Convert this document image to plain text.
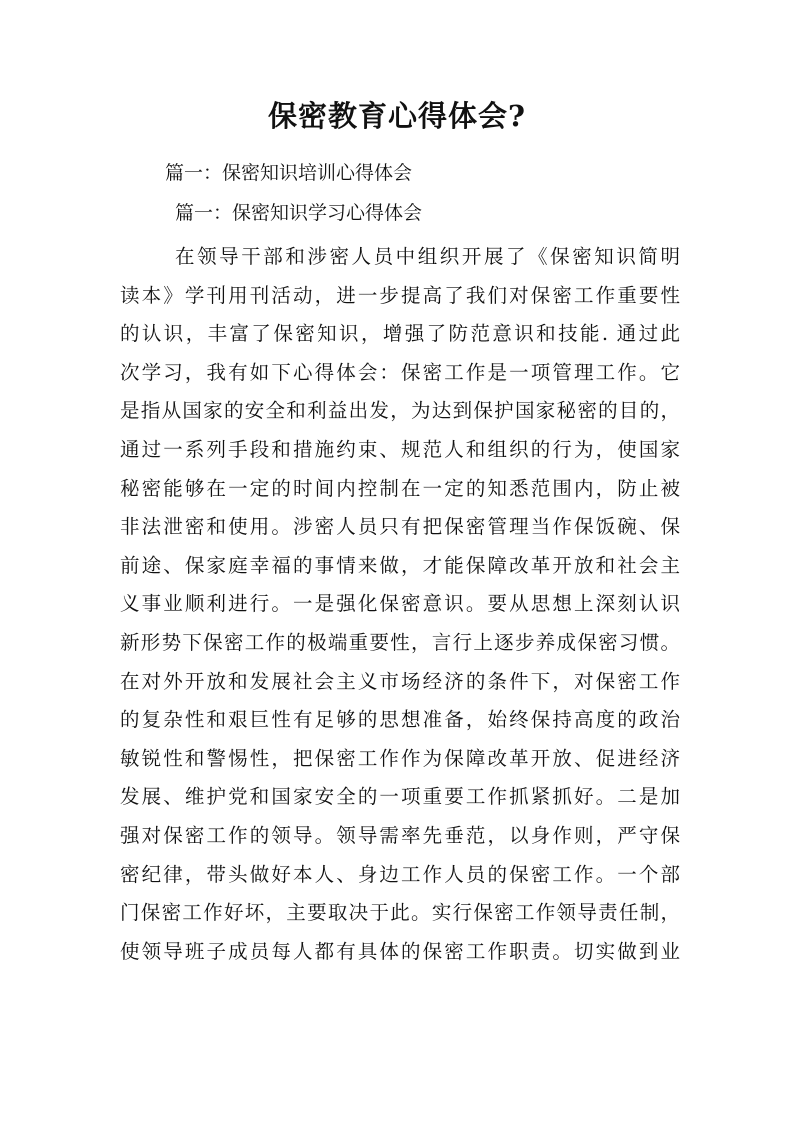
保密教育心得体会?
篇一：保密知识培训心得体会
篇一：保密知识学习心得体会
在领导干部和涉密人员中组织开展了《保密知识简明
读本》学刊用刊活动，进一步提高了我们对保密工作重要性
的认识，丰富了保密知识，增强了防范意识和技能. 通过此
次学习，我有如下心得体会：保密工作是一项管理工作。它
是指从国家的安全和利益出发，为达到保护国家秘密的目的，
通过一系列手段和措施约束、规范人和组织的行为，使国家
秘密能够在一定的时间内控制在一定的知悉范围内，防止被
非法泄密和使用。涉密人员只有把保密管理当作保饭碗、保
前途、保家庭幸福的事情来做，才能保障改革开放和社会主
义事业顺利进行。一是强化保密意识。要从思想上深刻认识
新形势下保密工作的极端重要性，言行上逐步养成保密习惯。
在对外开放和发展社会主义市场经济的条件下，对保密工作
的复杂性和艰巨性有足够的思想准备，始终保持高度的政治
敏锐性和警惕性，把保密工作作为保障改革开放、促进经济
发展、维护党和国家安全的一项重要工作抓紧抓好。二是加
强对保密工作的领导。领导需率先垂范，以身作则，严守保
密纪律，带头做好本人、身边工作人员的保密工作。一个部
门保密工作好坏，主要取决于此。实行保密工作领导责任制，
使领导班子成员每人都有具体的保密工作职责。切实做到业
